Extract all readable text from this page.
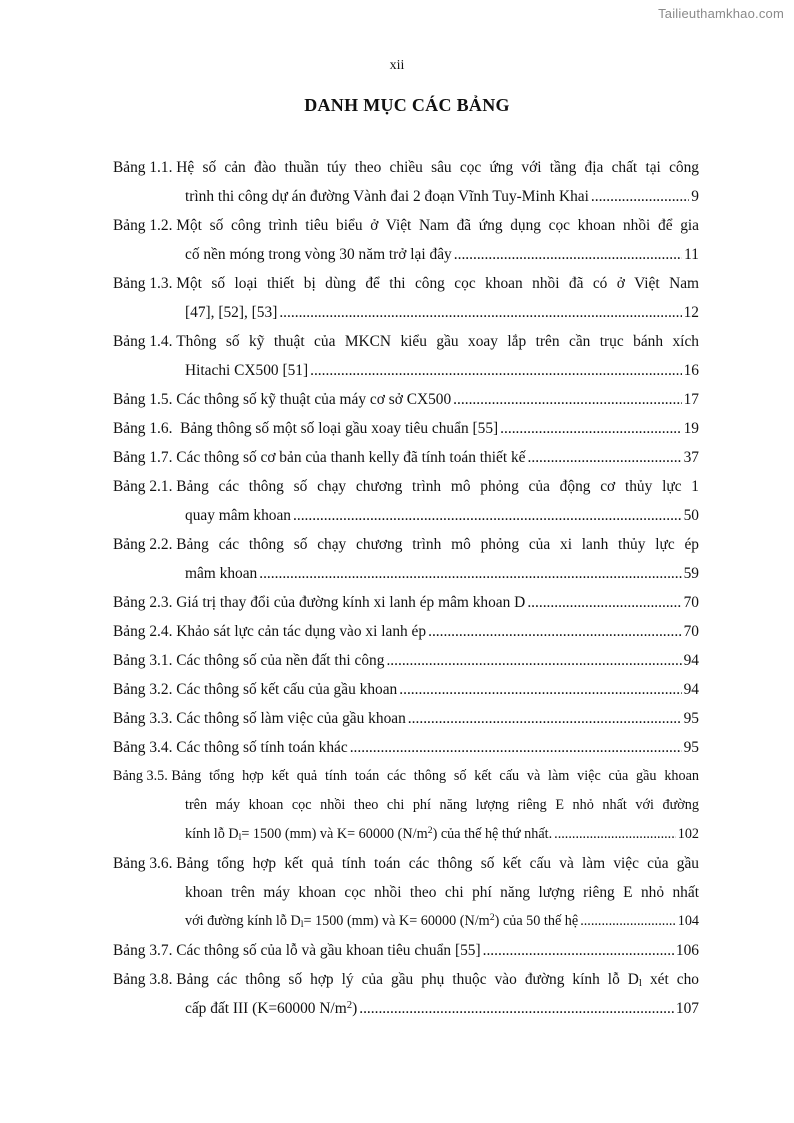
Tailieuthamkhao.com
xii
DANH MỤC CÁC BẢNG
Bảng 1.1. Hệ số cản đào thuần túy theo chiều sâu cọc ứng với tầng địa chất tại công
trình thi công dự án đường Vành đai 2 đoạn Vĩnh Tuy-Minh Khai .....	9
Bảng 1.2. Một số công trình tiêu biểu ở Việt Nam đã ứng dụng cọc khoan nhồi để gia
cố nền móng trong vòng 30 năm trở lại đây .....	11
Bảng 1.3. Một số loại thiết bị dùng để thi công cọc khoan nhồi đã có ở Việt Nam
[47], [52], [53] .....	12
Bảng 1.4. Thông số kỹ thuật của MKCN kiểu gầu xoay lắp trên cần trục bánh xích
Hitachi CX500 [51] .....	16
Bảng 1.5. Các thông số kỹ thuật của máy cơ sở CX500 .....	17
Bảng 1.6. Bảng thông số một số loại gầu xoay tiêu chuẩn [55] .....	19
Bảng 1.7. Các thông số cơ bản của thanh kelly đã tính toán thiết kế .....	37
Bảng 2.1. Bảng các thông số chạy chương trình mô phỏng của động cơ thủy lực 1
quay mâm khoan .....	50
Bảng 2.2. Bảng các thông số chạy chương trình mô phỏng của xi lanh thủy lực ép
mâm khoan .....	59
Bảng 2.3. Giá trị thay đổi của đường kính xi lanh ép mâm khoan D .....	70
Bảng 2.4. Khảo sát lực cản tác dụng vào xi lanh ép .....	70
Bảng 3.1. Các thông số của nền đất thi công .....	94
Bảng 3.2. Các thông số kết cấu của gầu khoan .....	94
Bảng 3.3. Các thông số làm việc của gầu khoan .....	95
Bảng 3.4. Các thông số tính toán khác .....	95
Bảng 3.5. Bảng tổng hợp kết quả tính toán các thông số kết cấu và làm việc của gầu khoan
trên máy khoan cọc nhồi theo chi phí năng lượng riêng E nhỏ nhất với đường
kính lỗ $D_l= 1500$ (mm) và K= 60000 $(N/m^2)$ của thế hệ thứ nhất. .....	102
Bảng 3.6. Bảng tổng hợp kết quả tính toán các thông số kết cấu và làm việc của gầu
khoan trên máy khoan cọc nhồi theo chi phí năng lượng riêng E nhỏ nhất
với đường kính lỗ $D_l= 1500$ (mm) và K= 60000 $(N/m^2)$ của 50 thế hệ .....	104
Bảng 3.7. Các thông số của lỗ và gầu khoan tiêu chuẩn [55] .....	106
Bảng 3.8. Bảng các thông số hợp lý của gầu phụ thuộc vào đường kính lỗ $D_l$ xét cho
cấp đất III (K=60000 $N/m^2$) .....	107
